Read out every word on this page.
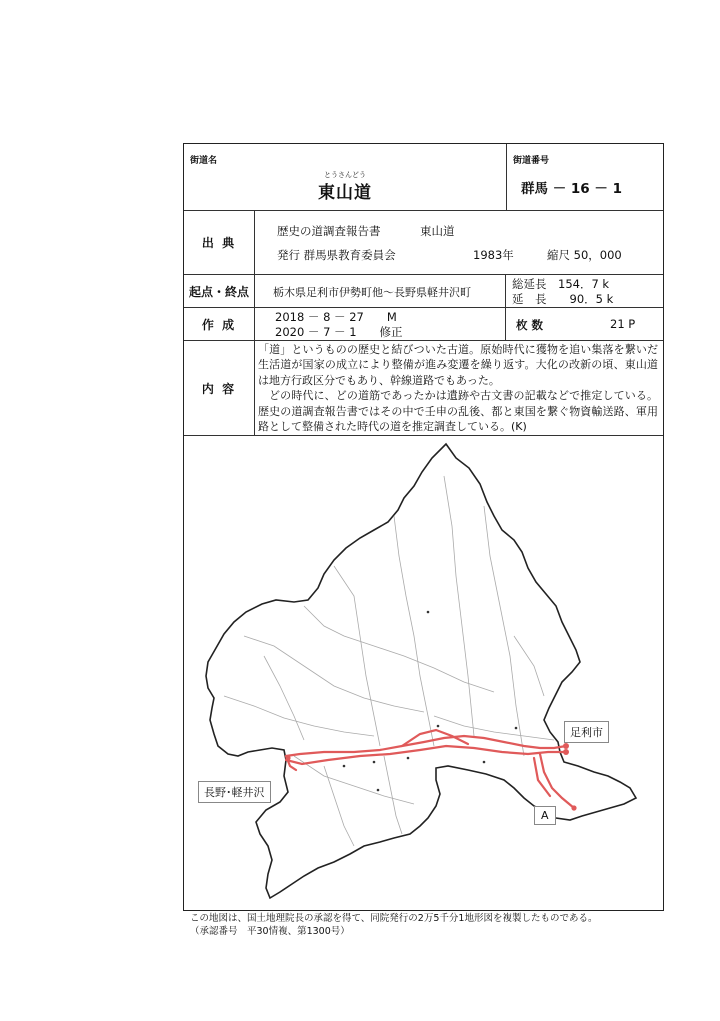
街道名
とうさんどう
東山道
街道番号
群馬 － 16 － 1
出 典
歴史の道調査報告書	東山道
発行 群馬県教育委員会	1983年	縮尺 50，000
起点・終点	栃木県足利市伊勢町他～長野県軽井沢町
総延長　154．7 k
延　長　　90．5 k
作 成
2018 － 8 － 27　　M
2020 － 7 － 1　　修正	枚 数	21 P
内 容

「道」というものの歴史と結びついた古道。原始時代に獲物を追い集落を繋いだ生活道が国家の成立により整備が進み変遷を繰り返す。大化の改新の頃、東山道は地方行政区分でもあり、幹線道路でもあった。

どの時代に、どの道筋であったかは遺跡や古文書の記載などで推定している。歴史の道調査報告書ではその中で壬申の乱後、都と東国を繋ぐ物資輸送路、軍用路として整備された時代の道を推定調査している。(K)

足利市
長野･軽井沢
A
この地図は、国土地理院長の承認を得て、同院発行の2万5千分1地形図を複製したものである。
（承認番号　平30情複、第1300号）
